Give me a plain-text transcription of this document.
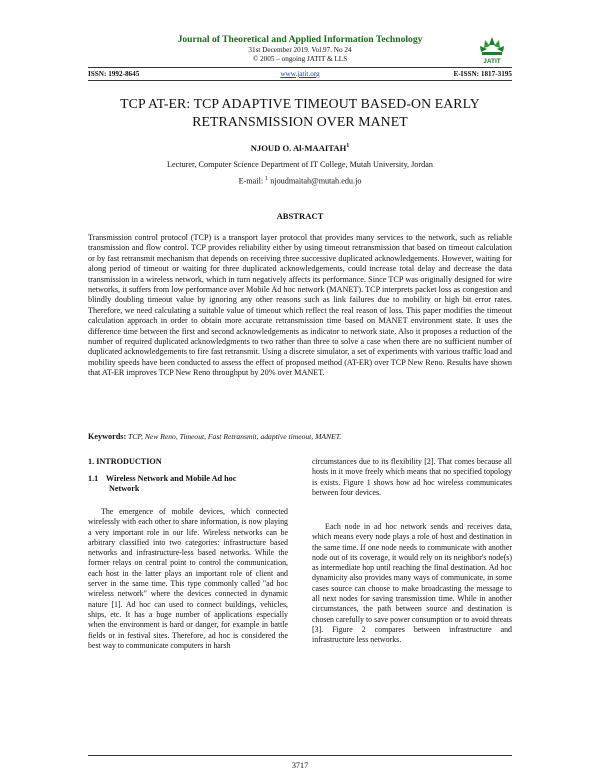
Journal of Theoretical and Applied Information Technology
31st December 2019. Vol.97. No 24
© 2005 – ongoing JATIT & LLS	JATIT
ISSN: 1992-8645	www.jatit.org	E-ISSN: 1817-3195
TCP AT-ER: TCP ADAPTIVE TIMEOUT BASED-ON EARLY RETRANSMISSION OVER MANET
NJOUD O. Al-MAAITAH$^1$
Lecturer, Computer Science Department of IT College, Mutah University, Jordan
E-mail: $^1$ njoudmaitah@mutah.edu.jo
ABSTRACT
Transmission control protocol (TCP) is a transport layer protocol that provides many services to the network, such as reliable transmission and flow control. TCP provides reliability either by using timeout retransmission that based on timeout calculation or by fast retransmit mechanism that depends on receiving three successive duplicated acknowledgements. However, waiting for along period of timeout or waiting for three duplicated acknowledgements, could increase total delay and decrease the data transmission in a wireless network, which in turn negatively affects its performance. Since TCP was originally designed for wire networks, it suffers from low performance over Mobile Ad hoc network (MANET). TCP interprets packet loss as congestion and blindly doubling timeout value by ignoring any other reasons such as link failures due to mobility or high bit error rates. Therefore, we need calculating a suitable value of timeout which reflect the real reason of loss. This paper modifies the timeout calculation approach in order to obtain more accurate retransmission time based on MANET environment state. It uses the difference time between the first and second acknowledgements as indicator to network state. Also it proposes a reduction of the number of required duplicated acknowledgments to two rather than three to solve a case when there are no sufficient number of duplicated acknowledgements to fire fast retransmit. Using a discrete simulator, a set of experiments with various traffic load and mobility speeds have been conducted to assess the effect of proposed method (AT-ER) over TCP New Reno. Results have shown that AT-ER improves TCP New Reno throughput by 20% over MANET.
Keywords: TCP, New Reno, Timeout, Fast Retransmit, adaptive timeout, MANET.
1. INTRODUCTION
1.1 Wireless Network and Mobile Ad hoc
Network
The emergence of mobile devices, which connected wirelessly with each other to share information, is now playing a very important role in our life. Wireless networks can be arbitrary classified into two categories: infrastructure based networks and infrastructure-less based networks. While the former relays on central point to control the communication, each host in the latter plays an important role of client and server in the same time. This type commonly called "ad hoc wireless network" where the devices connected in dynamic nature [1]. Ad hoc can used to connect buildings, vehicles, ships, etc. It has a huge number of applications especially when the environment is hard or danger, for example in battle fields or in festival sites. Therefore, ad hoc is considered the best way to communicate computers in harsh
circumstances due to its flexibility [2]. That comes because all hosts in it move freely which means that no specified topology is exists. Figure 1 shows how ad hoc wireless communicates between four devices.
Each node in ad hoc network sends and receives data, which means every node plays a role of host and destination in the same time. If one node needs to communicate with another node out of its coverage, it would rely on its neighbor's node(s) as intermediate hop until reaching the final destination. Ad hoc dynamicity also provides many ways of communicate, in some cases source can choose to make broadcasting the message to all next nodes for saving transmission time. While in another circumstances, the path between source and destination is chosen carefully to save power consumption or to avoid threats [3]. Figure 2 compares between infrastructure and infrastructure less networks.
3717
